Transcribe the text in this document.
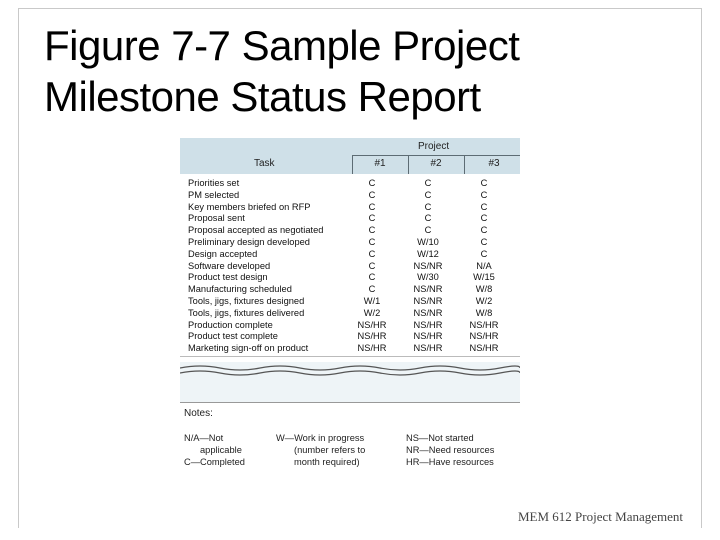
Figure 7-7 Sample Project
Milestone Status Report
Project
Task	#1	#2	#3
Priorities set	C	C	C
PM selected	C	C	C
Key members briefed on RFP	C	C	C
Proposal sent	C	C	C
Proposal accepted as negotiated	C	C	C
Preliminary design developed	C	W/10	C
Design accepted	C	W/12	C
Software developed	C	NS/NR	N/A
Product test design	C	W/30	W/15
Manufacturing scheduled	C	NS/NR	W/8
Tools, jigs, fixtures designed	W/1	NS/NR	W/2
Tools, jigs, fixtures delivered	W/2	NS/NR	W/8
Production complete	NS/HR	NS/HR	NS/HR
Product test complete	NS/HR	NS/HR	NS/HR
Marketing sign-off on product	NS/HR	NS/HR	NS/HR
Notes:
N/A—Not
applicable
C—Completed
W—Work in progress
(number refers to
month required)
NS—Not started
NR—Need resources
HR—Have resources
MEM 612 Project Management
